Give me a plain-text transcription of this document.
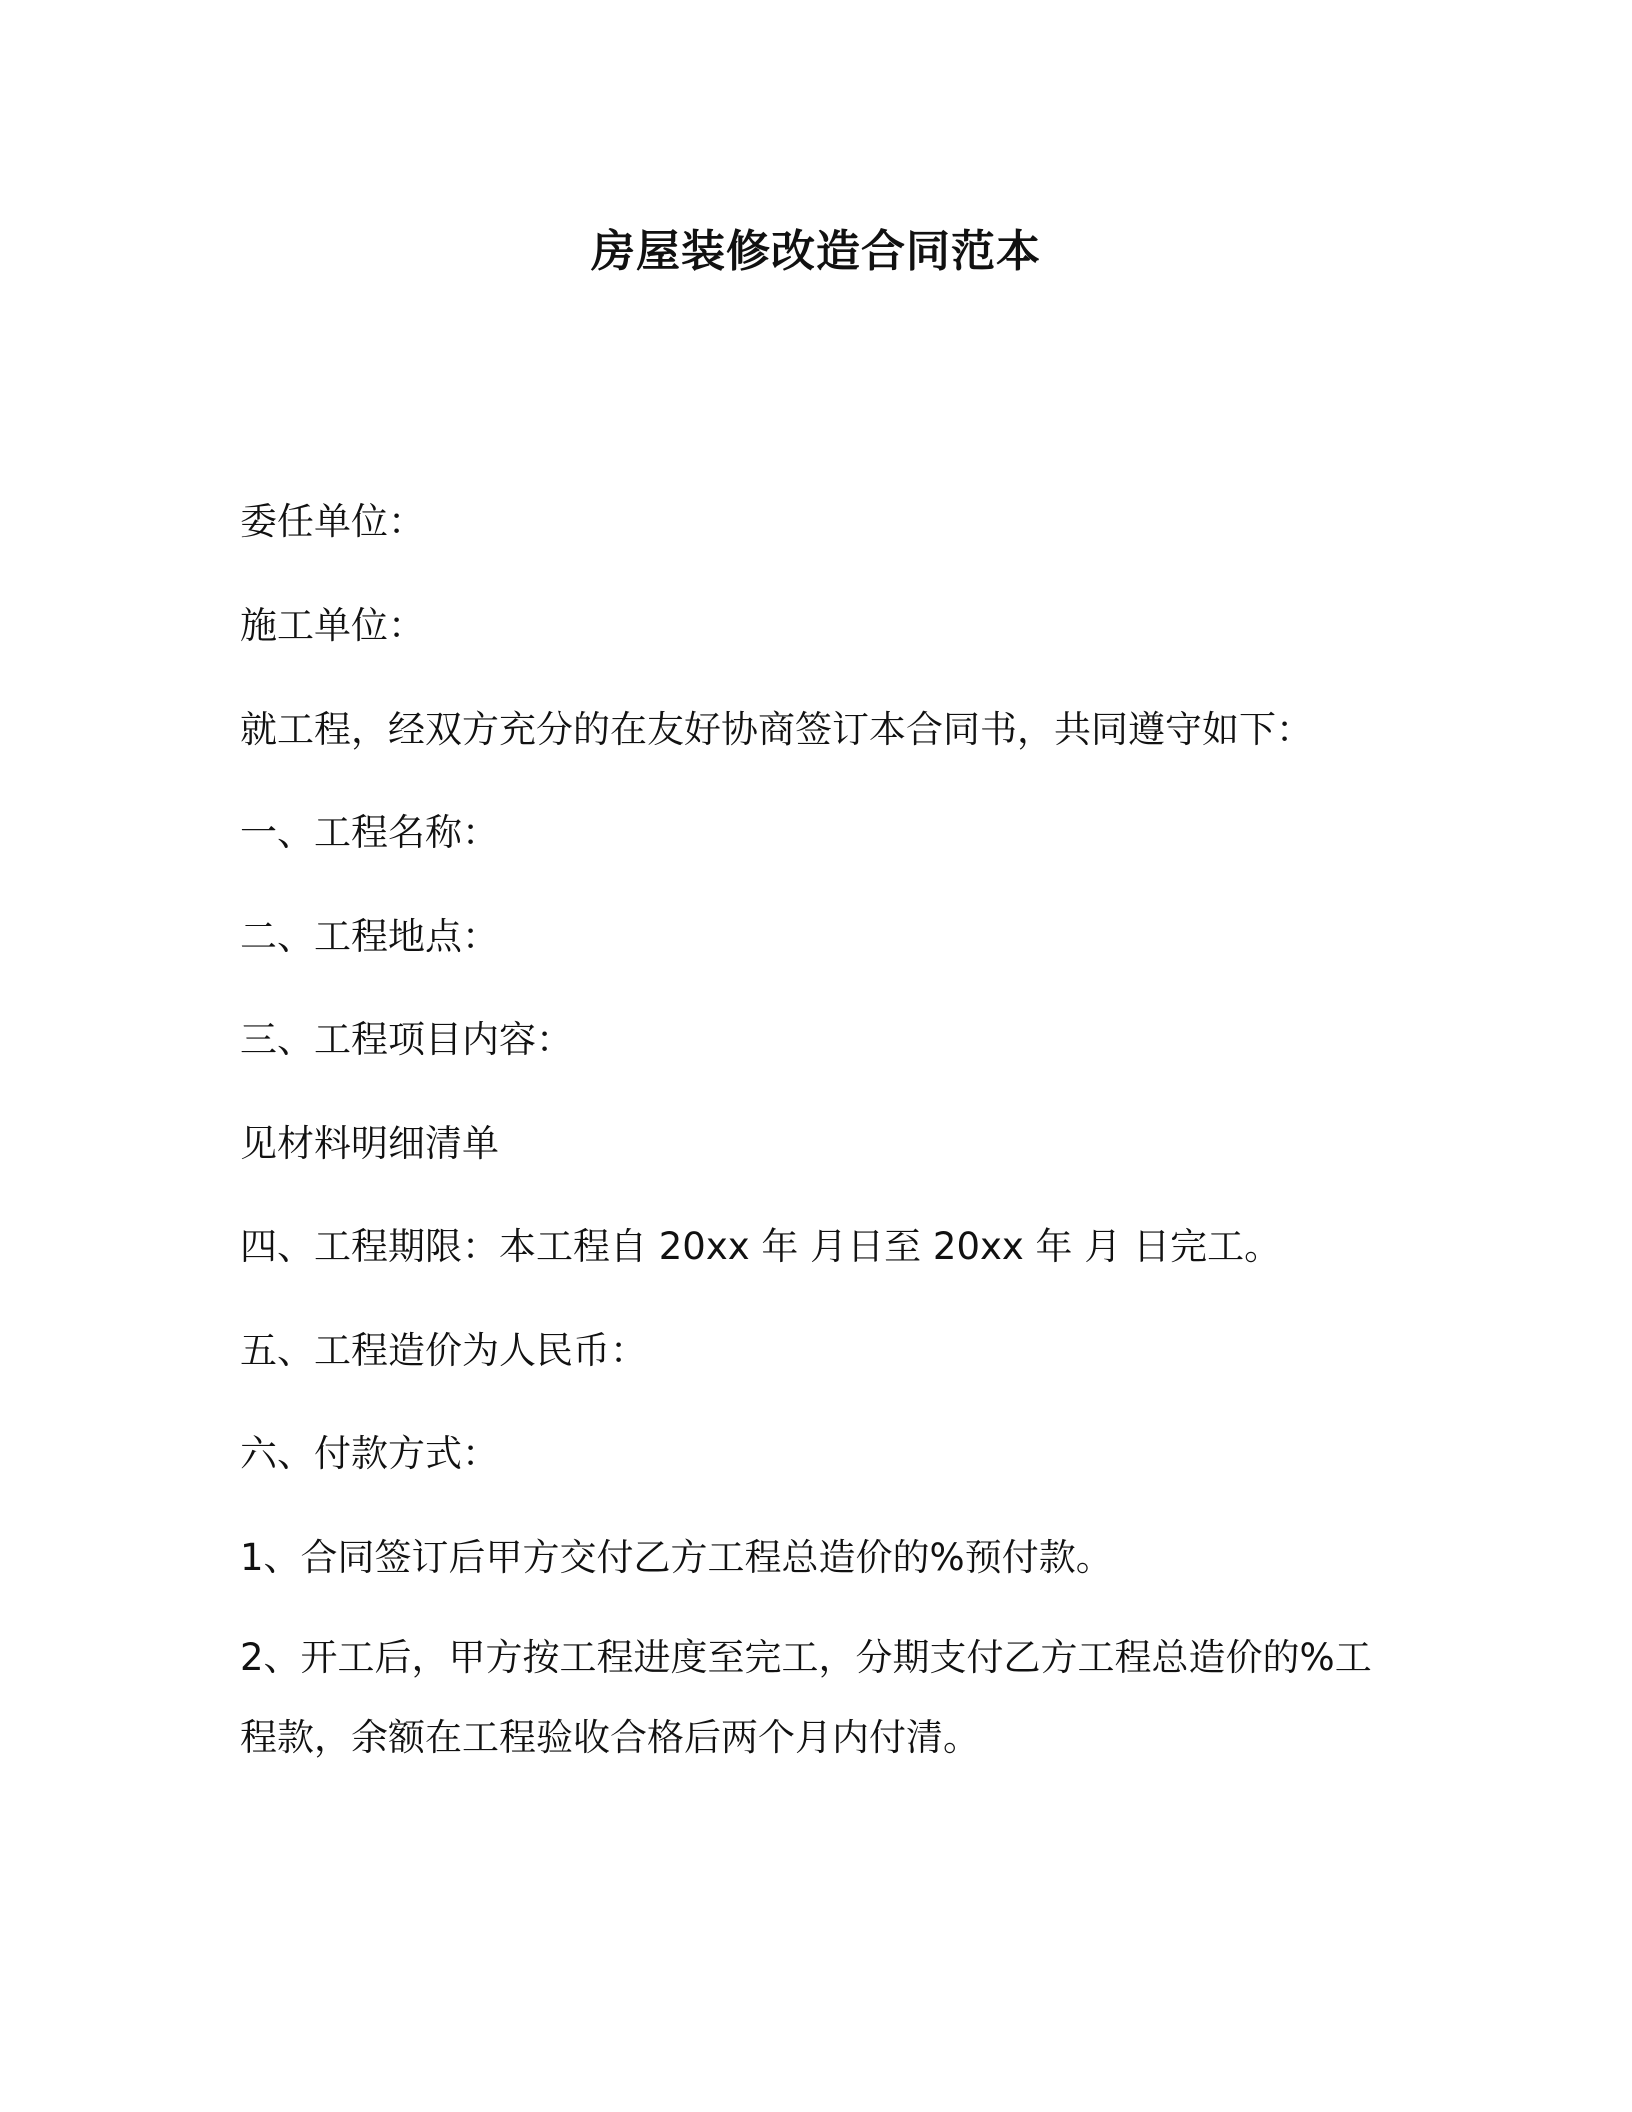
房屋装修改造合同范本
委任单位：
施工单位：
就工程，经双方充分的在友好协商签订本合同书，共同遵守如下：
一、工程名称：
二、工程地点：
三、工程项目内容：
见材料明细清单
四、工程期限：本工程自 20xx 年 月日至 20xx 年 月 日完工。
五、工程造价为人民币：
六、付款方式：
1、合同签订后甲方交付乙方工程总造价的%预付款。
2、开工后，甲方按工程进度至完工，分期支付乙方工程总造价的%工程款，余额在工程验收合格后两个月内付清。
